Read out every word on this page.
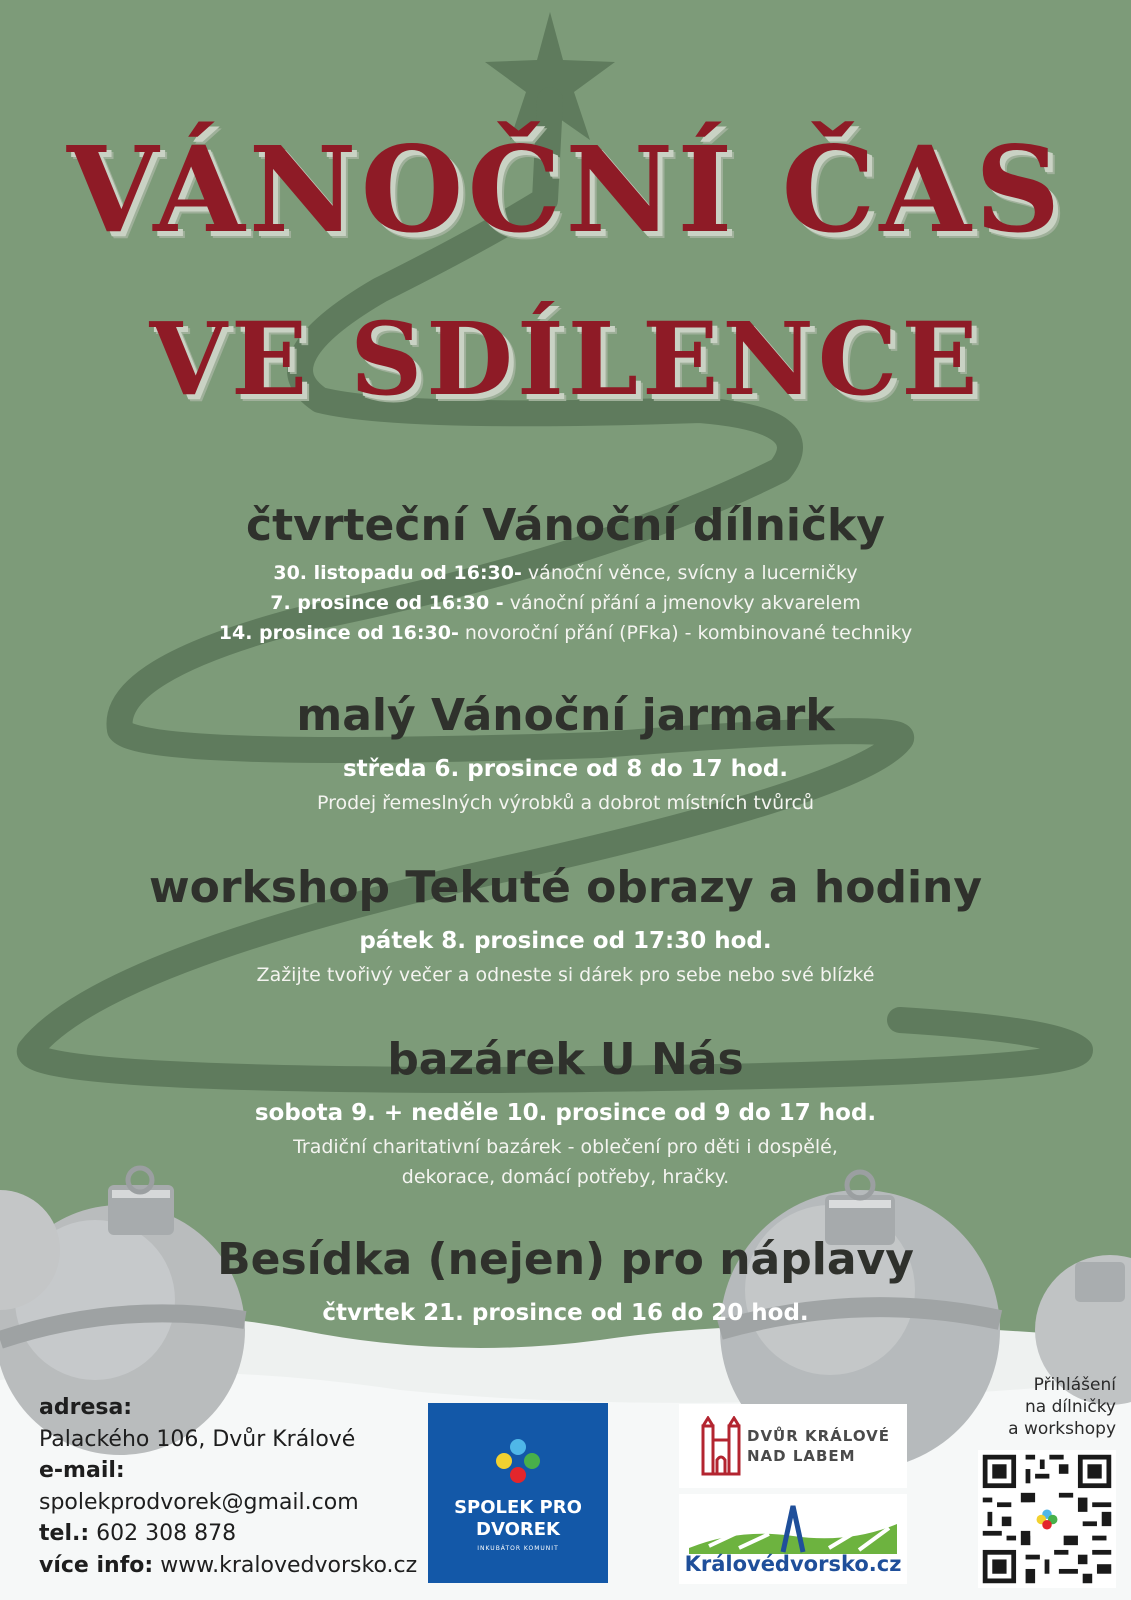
VÁNOČNÍ ČAS
VE SDÍLENCE
čtvrteční Vánoční dílničky
30. listopadu od 16:30- vánoční věnce, svícny a lucerničky
7. prosince od 16:30 - vánoční přání a jmenovky akvarelem
14. prosince od 16:30- novoroční přání (PFka) - kombinované techniky
malý Vánoční jarmark
středa 6. prosince od 8 do 17 hod.
Prodej řemeslných výrobků a dobrot místních tvůrců
workshop Tekuté obrazy a hodiny
pátek 8. prosince od 17:30 hod.
Zažijte tvořivý večer a odneste si dárek pro sebe nebo své blízké
bazárek U Nás
sobota 9. + neděle 10. prosince od 9 do 17 hod.
Tradiční charitativní bazárek - oblečení pro děti i dospělé,
dekorace, domácí potřeby, hračky.
Besídka (nejen) pro náplavy
čtvrtek 21. prosince od 16 do 20 hod.
adresa:
Palackého 106, Dvůr Králové
e-mail:
spolekprodvorek@gmail.com
tel.: 602 308 878
více info: www.kralovedvorsko.cz
SPOLEK PRO
DVOREK
INKUBÁTOR KOMUNIT
DVŮR KRÁLOVÉ
NAD LABEM
Královédvorsko.cz
Přihlášení
na dílničky
a workshopy
